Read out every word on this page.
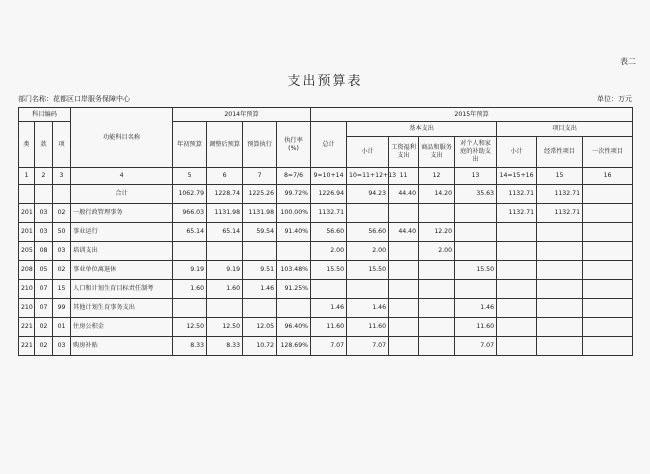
表二
支出预算表
部门名称：花都区口岸服务保障中心	单位：万元
科目编码			功能科目名称	2014年预算				2015年预算							
类	款	项		年初预算	调整后预算	预算执行	执行率(%)	总计	基本支出				项目支出		
									小计	工资福利支出	商品和服务支出	对个人和家庭的补助支出	小计	经常性项目	一次性项目
1	2	3	4	5	6	7	8=7/6	9=10+14	10=11+12+13	11	12	13	14=15+16	15	16
			合计	1062.79	1228.74	1225.26	99.72%	1226.94	94.23	44.40	14.20	35.63	1132.71	1132.71	
201	03	02	一般行政管理事务	966.03	1131.98	1131.98	100.00%	1132.71					1132.71	1132.71	
201	03	50	事业运行	65.14	65.14	59.54	91.40%	56.60	56.60	44.40	12.20				
205	08	03	培训支出					2.00	2.00		2.00				
208	05	02	事业单位离退休	9.19	9.19	9.51	103.48%	15.50	15.50			15.50			
210	07	15	人口和计划生育目标责任制考	1.60	1.60	1.46	91.25%								
210	07	99	其他计划生育事务支出					1.46	1.46			1.46			
221	02	01	住房公积金	12.50	12.50	12.05	96.40%	11.60	11.60			11.60			
221	02	03	购房补贴	8.33	8.33	10.72	128.69%	7.07	7.07			7.07			
